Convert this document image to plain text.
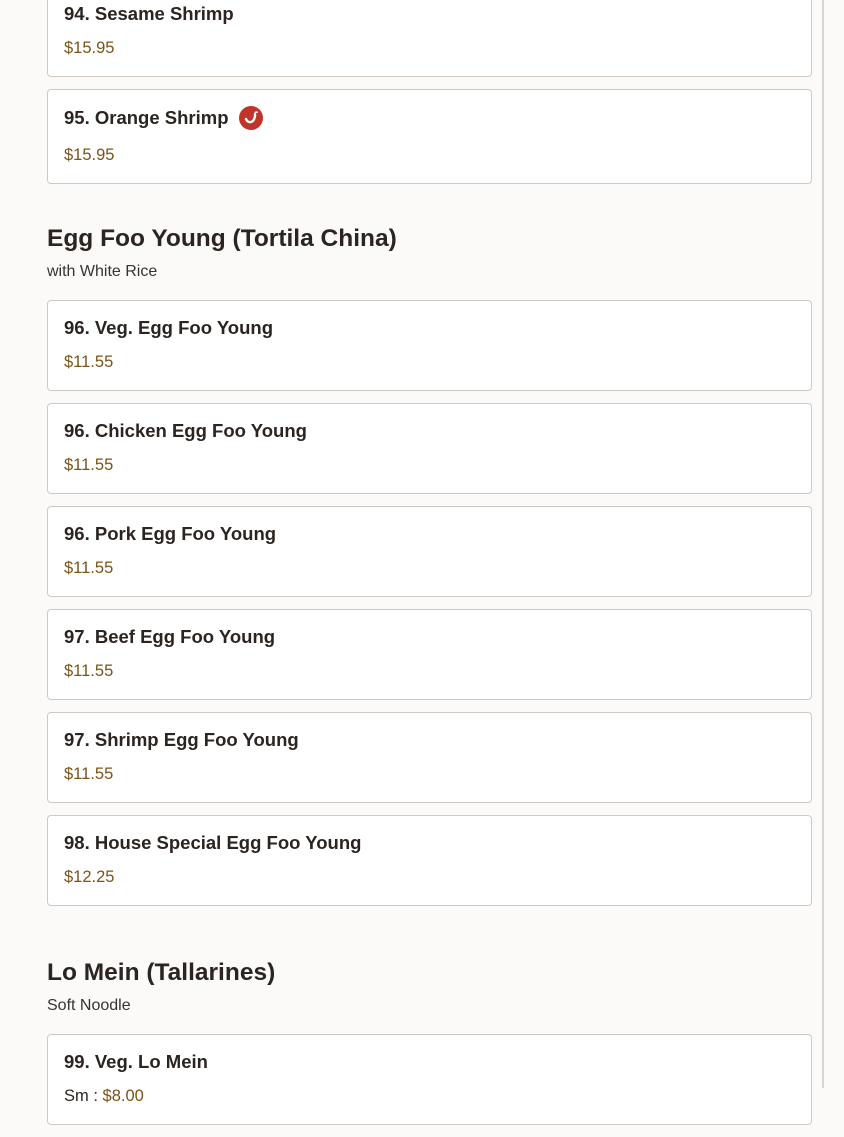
94. Sesame Shrimp
$15.95
95. Orange Shrimp
$15.95
Egg Foo Young (Tortila China)
with White Rice
96. Veg. Egg Foo Young
$11.55
96. Chicken Egg Foo Young
$11.55
96. Pork Egg Foo Young
$11.55
97. Beef Egg Foo Young
$11.55
97. Shrimp Egg Foo Young
$11.55
98. House Special Egg Foo Young
$12.25
Lo Mein (Tallarines)
Soft Noodle
99. Veg. Lo Mein
Sm : $8.00
